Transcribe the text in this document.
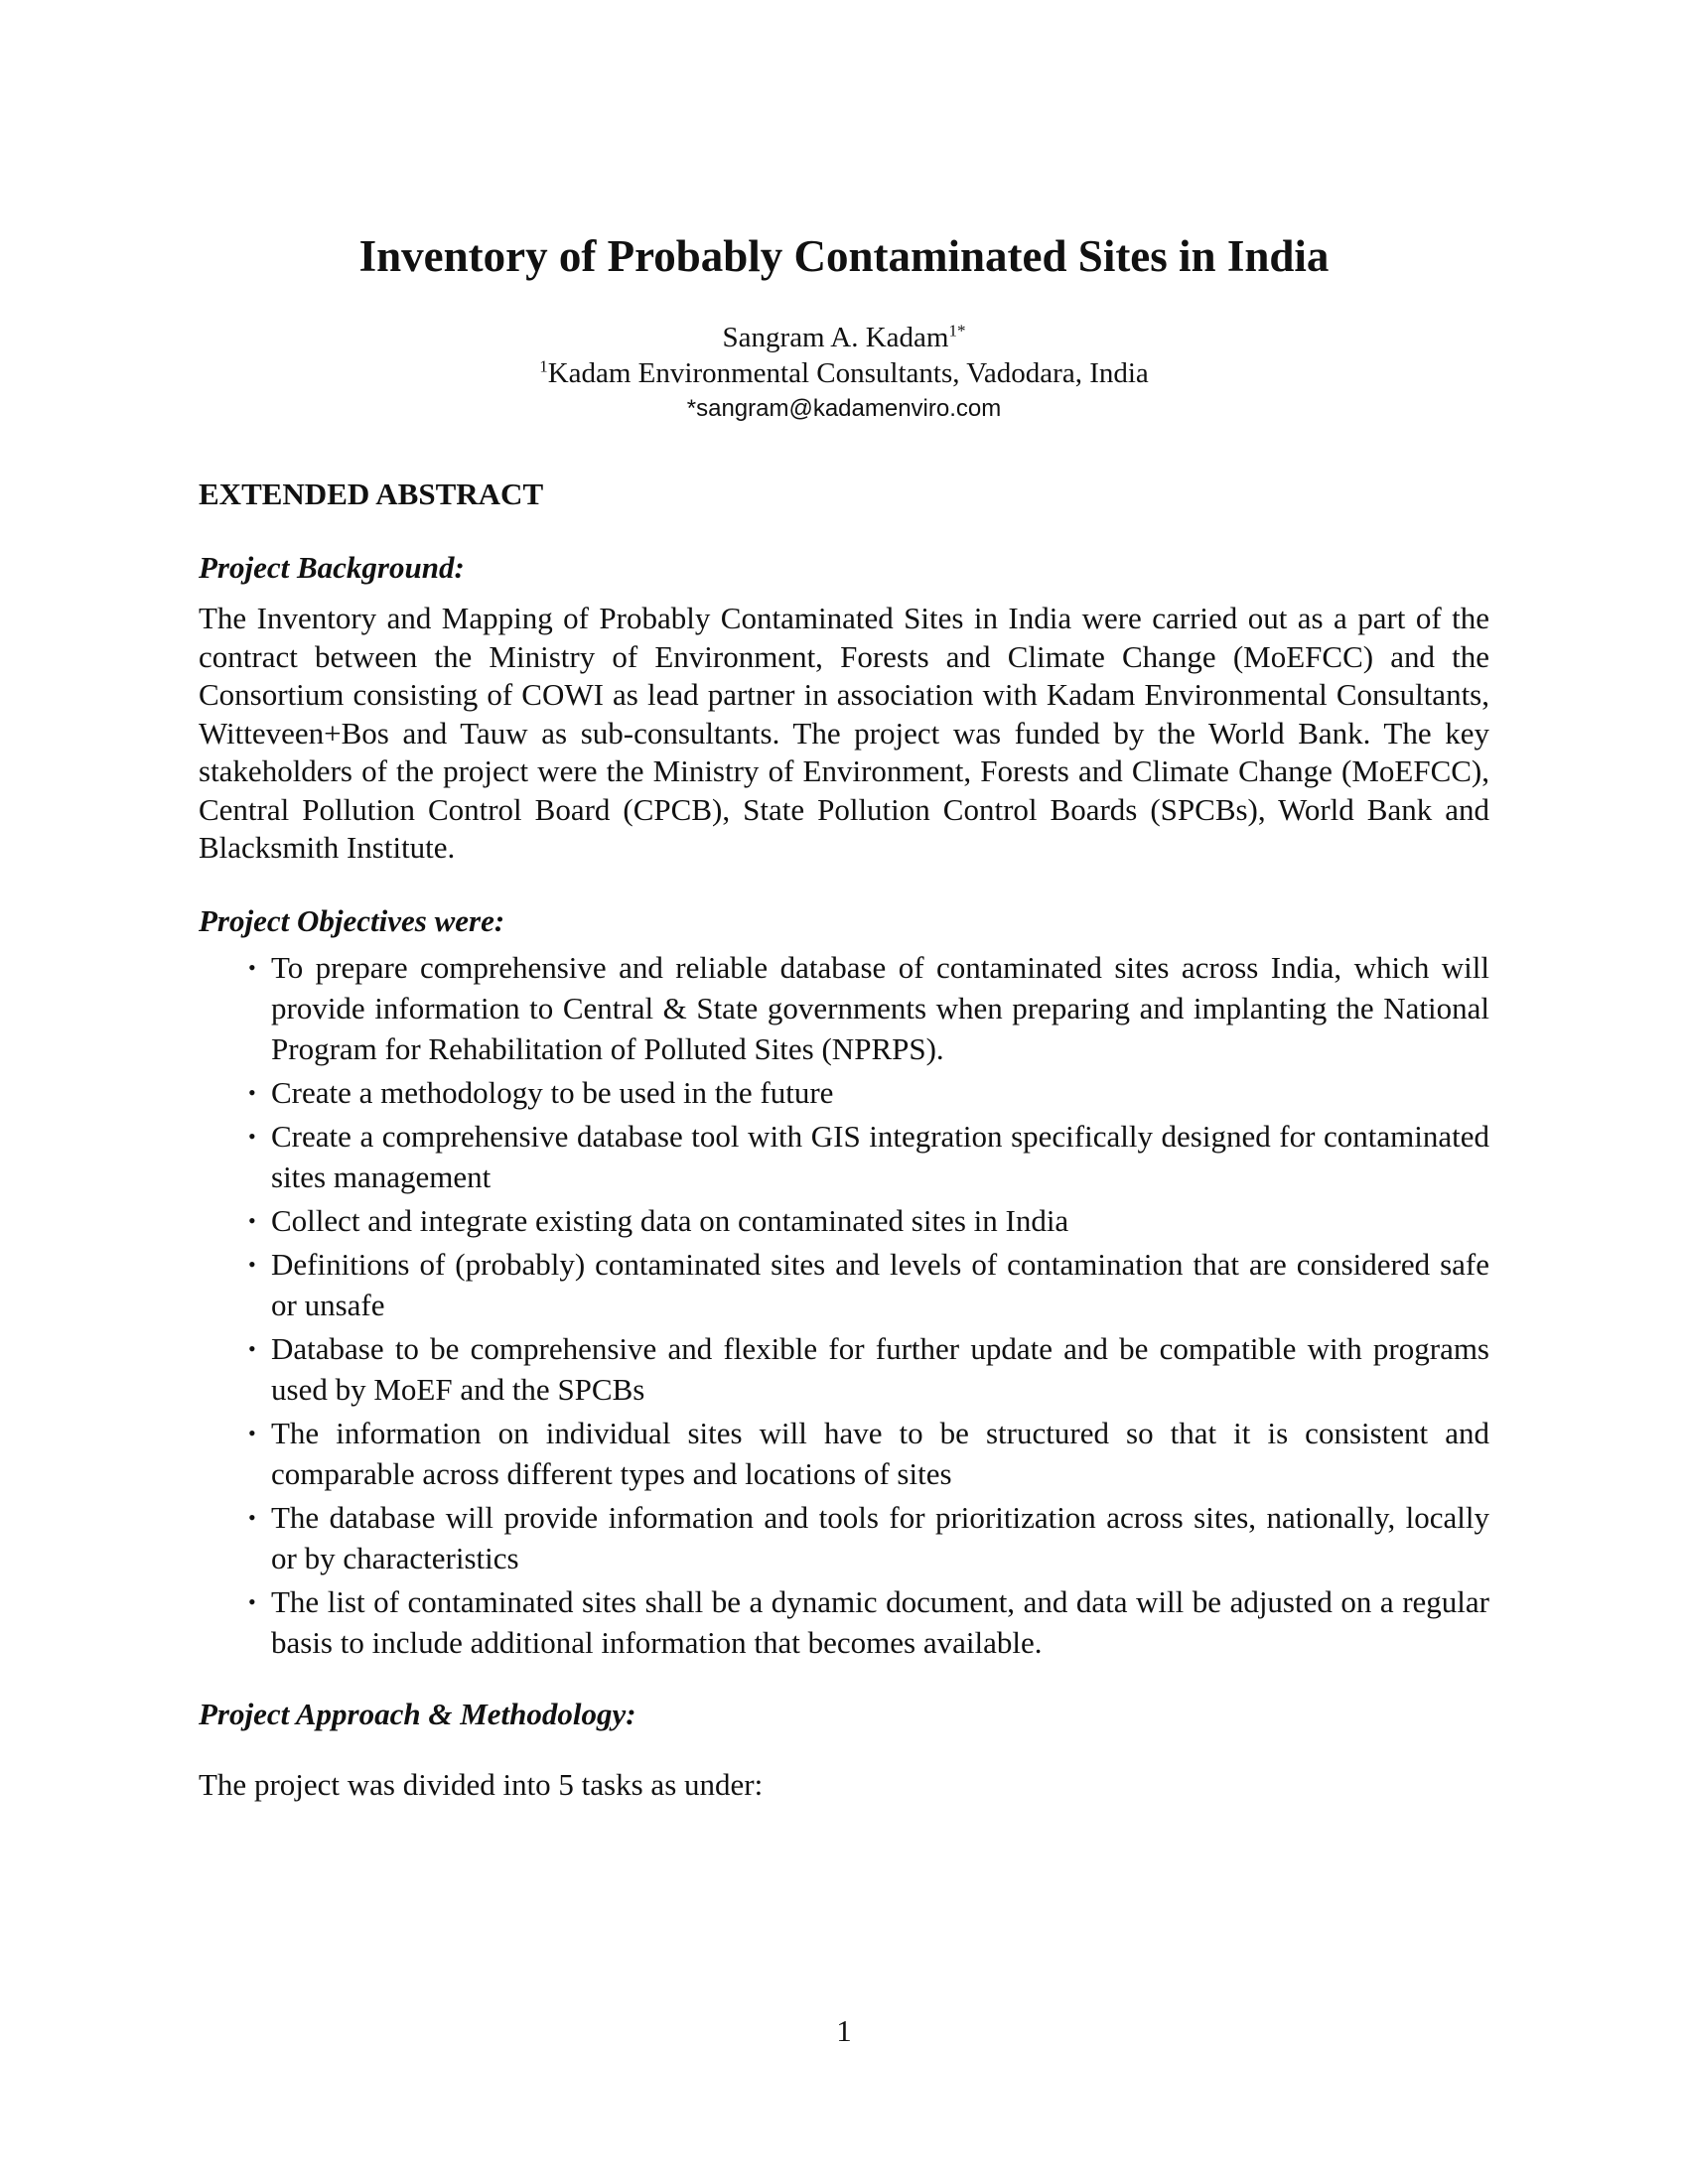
Inventory of Probably Contaminated Sites in India
Sangram A. Kadam$^{1*}$
$^1$Kadam Environmental Consultants, Vadodara, India
*sangram@kadamenviro.com
EXTENDED ABSTRACT
Project Background:

The Inventory and Mapping of Probably Contaminated Sites in India were carried out as a part of the contract between the Ministry of Environment, Forests and Climate Change (MoEFCC) and the Consortium consisting of COWI as lead partner in association with Kadam Environmental Consultants, Witteveen+Bos and Tauw as sub-consultants. The project was funded by the World Bank. The key stakeholders of the project were the Ministry of Environment, Forests and Climate Change (MoEFCC), Central Pollution Control Board (CPCB), State Pollution Control Boards (SPCBs), World Bank and Blacksmith Institute.

Project Objectives were:
• To prepare comprehensive and reliable database of contaminated sites across India, which will provide information to Central & State governments when preparing and implanting the National Program for Rehabilitation of Polluted Sites (NPRPS).
• Create a methodology to be used in the future
• Create a comprehensive database tool with GIS integration specifically designed for contaminated sites management
• Collect and integrate existing data on contaminated sites in India
• Definitions of (probably) contaminated sites and levels of contamination that are considered safe or unsafe
• Database to be comprehensive and flexible for further update and be compatible with programs used by MoEF and the SPCBs
• The information on individual sites will have to be structured so that it is consistent and comparable across different types and locations of sites
• The database will provide information and tools for prioritization across sites, nationally, locally or by characteristics
• The list of contaminated sites shall be a dynamic document, and data will be adjusted on a regular basis to include additional information that becomes available.
Project Approach & Methodology:

The project was divided into 5 tasks as under:

1
